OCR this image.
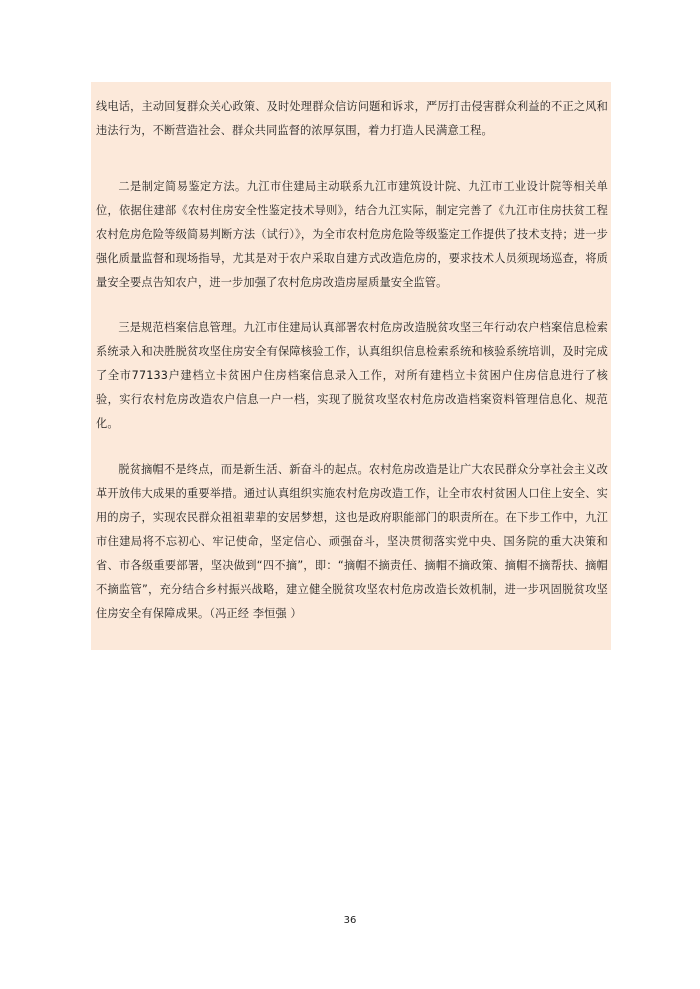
线电话，主动回复群众关心政策、及时处理群众信访问题和诉求，严厉打击侵害群众利益的不正之风和违法行为，不断营造社会、群众共同监督的浓厚氛围，着力打造人民满意工程。

二是制定简易鉴定方法。九江市住建局主动联系九江市建筑设计院、九江市工业设计院等相关单位，依据住建部《农村住房安全性鉴定技术导则》，结合九江实际，制定完善了《九江市住房扶贫工程农村危房危险等级简易判断方法（试行）》，为全市农村危房危险等级鉴定工作提供了技术支持；进一步强化质量监督和现场指导，尤其是对于农户采取自建方式改造危房的，要求技术人员须现场巡查，将质量安全要点告知农户，进一步加强了农村危房改造房屋质量安全监管。

三是规范档案信息管理。九江市住建局认真部署农村危房改造脱贫攻坚三年行动农户档案信息检索系统录入和决胜脱贫攻坚住房安全有保障核验工作，认真组织信息检索系统和核验系统培训，及时完成了全市77133户建档立卡贫困户住房档案信息录入工作，对所有建档立卡贫困户住房信息进行了核验，实行农村危房改造农户信息一户一档，实现了脱贫攻坚农村危房改造档案资料管理信息化、规范化。

脱贫摘帽不是终点，而是新生活、新奋斗的起点。农村危房改造是让广大农民群众分享社会主义改革开放伟大成果的重要举措。通过认真组织实施农村危房改造工作，让全市农村贫困人口住上安全、实用的房子，实现农民群众祖祖辈辈的安居梦想，这也是政府职能部门的职责所在。在下步工作中，九江市住建局将不忘初心、牢记使命，坚定信心、顽强奋斗，坚决贯彻落实党中央、国务院的重大决策和省、市各级重要部署，坚决做到“四不摘”，即：“摘帽不摘责任、摘帽不摘政策、摘帽不摘帮扶、摘帽不摘监管”，充分结合乡村振兴战略，建立健全脱贫攻坚农村危房改造长效机制，进一步巩固脱贫攻坚住房安全有保障成果。（冯正经 李恒强 ）

36
